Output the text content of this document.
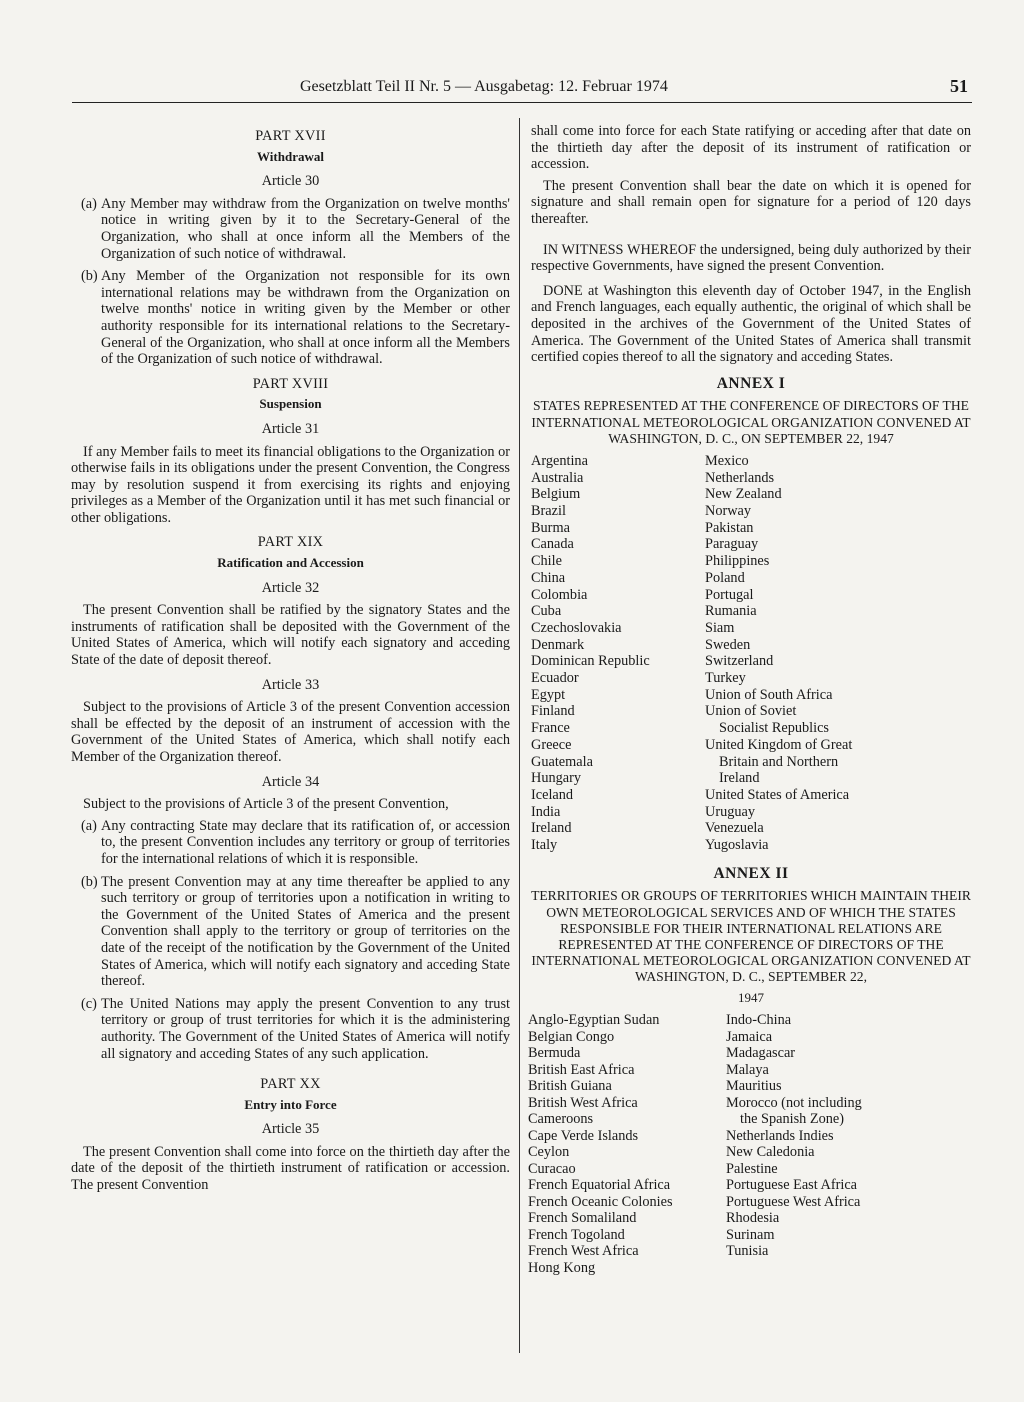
Gesetzblatt Teil II Nr. 5 — Ausgabetag: 12. Februar 1974	51
PART XVII
Withdrawal
Article 30
(a) Any Member may withdraw from the Organization on twelve months' notice in writing given by it to the Secretary-General of the Organization, who shall at once inform all the Members of the Organization of such notice of withdrawal.
(b) Any Member of the Organization not responsible for its own international relations may be withdrawn from the Organization on twelve months' notice in writing given by the Member or other authority responsible for its international relations to the Secretary-General of the Organization, who shall at once inform all the Members of the Organization of such notice of withdrawal.
PART XVIII
Suspension
Article 31

If any Member fails to meet its financial obligations to the Organization or otherwise fails in its obligations under the present Convention, the Congress may by resolution suspend it from exercising its rights and enjoying privileges as a Member of the Organization until it has met such financial or other obligations.

PART XIX
Ratification and Accession
Article 32

The present Convention shall be ratified by the signatory States and the instruments of ratification shall be deposited with the Government of the United States of America, which will notify each signatory and acceding State of the date of deposit thereof.

Article 33

Subject to the provisions of Article 3 of the present Convention accession shall be effected by the deposit of an instrument of accession with the Government of the United States of America, which shall notify each Member of the Organization thereof.

Article 34

Subject to the provisions of Article 3 of the present Convention,

(a) Any contracting State may declare that its ratification of, or accession to, the present Convention includes any territory or group of territories for the international relations of which it is responsible.
(b) The present Convention may at any time thereafter be applied to any such territory or group of territories upon a notification in writing to the Government of the United States of America and the present Convention shall apply to the territory or group of territories on the date of the receipt of the notification by the Government of the United States of America, which will notify each signatory and acceding State thereof.
(c) The United Nations may apply the present Convention to any trust territory or group of trust territories for which it is the administering authority. The Government of the United States of America will notify all signatory and acceding States of any such application.
PART XX
Entry into Force
Article 35

The present Convention shall come into force on the thirtieth day after the date of the deposit of the thirtieth instrument of ratification or accession. The present Convention

shall come into force for each State ratifying or acceding after that date on the thirtieth day after the deposit of its instrument of ratification or accession.

The present Convention shall bear the date on which it is opened for signature and shall remain open for signature for a period of 120 days thereafter.

IN WITNESS WHEREOF the undersigned, being duly authorized by their respective Governments, have signed the present Convention.

DONE at Washington this eleventh day of October 1947, in the English and French languages, each equally authentic, the original of which shall be deposited in the archives of the Government of the United States of America. The Government of the United States of America shall transmit certified copies thereof to all the signatory and acceding States.

ANNEX I
STATES REPRESENTED AT THE CONFERENCE OF DIRECTORS OF THE INTERNATIONAL METEOROLOGICAL ORGANIZATION CONVENED AT WASHINGTON, D. C., ON SEPTEMBER 22, 1947
Argentina
Australia
Belgium
Brazil
Burma
Canada
Chile
China
Colombia
Cuba
Czechoslovakia
Denmark
Dominican Republic
Ecuador
Egypt
Finland
France
Greece
Guatemala
Hungary
Iceland
India
Ireland
Italy
Mexico
Netherlands
New Zealand
Norway
Pakistan
Paraguay
Philippines
Poland
Portugal
Rumania
Siam
Sweden
Switzerland
Turkey
Union of South Africa
Union of Soviet
Socialist Republics
United Kingdom of Great
Britain and Northern
Ireland
United States of America
Uruguay
Venezuela
Yugoslavia
ANNEX II
TERRITORIES OR GROUPS OF TERRITORIES WHICH MAINTAIN THEIR OWN METEOROLOGICAL SERVICES AND OF WHICH THE STATES RESPONSIBLE FOR THEIR INTERNATIONAL RELATIONS ARE REPRESENTED AT THE CONFERENCE OF DIRECTORS OF THE INTERNATIONAL METEOROLOGICAL ORGANIZATION CONVENED AT WASHINGTON, D. C., SEPTEMBER 22,
1947
Anglo-Egyptian Sudan
Belgian Congo
Bermuda
British East Africa
British Guiana
British West Africa
Cameroons
Cape Verde Islands
Ceylon
Curacao
French Equatorial Africa
French Oceanic Colonies
French Somaliland
French Togoland
French West Africa
Hong Kong
Indo-China
Jamaica
Madagascar
Malaya
Mauritius
Morocco (not including
the Spanish Zone)
Netherlands Indies
New Caledonia
Palestine
Portuguese East Africa
Portuguese West Africa
Rhodesia
Surinam
Tunisia
